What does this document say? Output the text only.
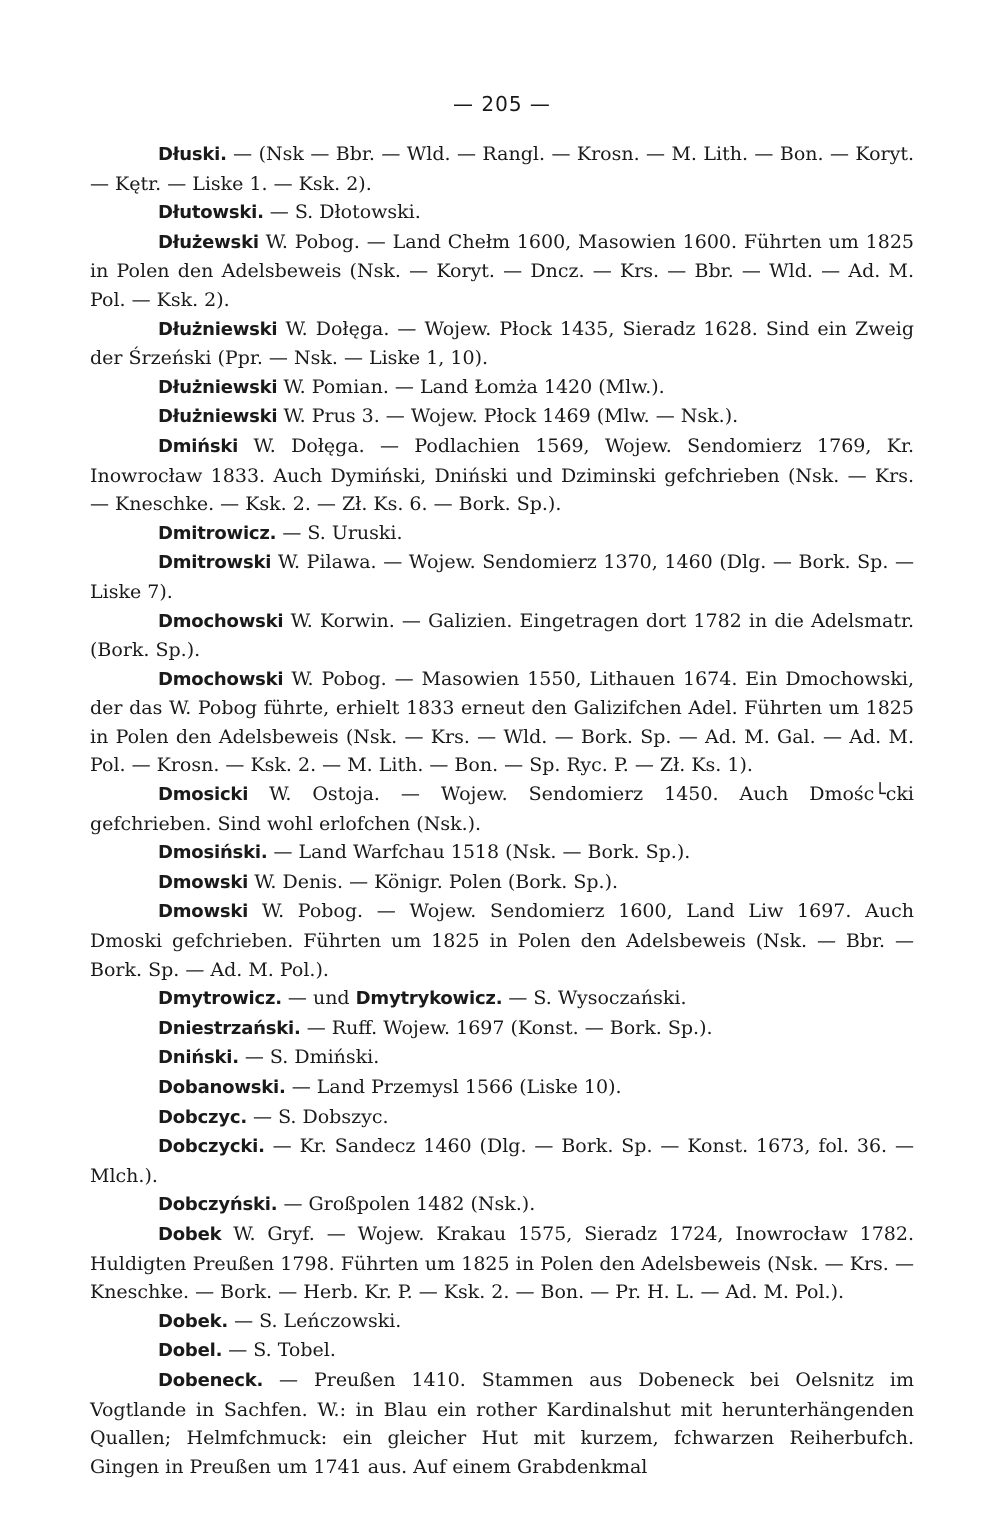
— 205 —

Dłuski. — (Nsk — Bbr. — Wld. — Rangl. — Krosn. — M. Lith. — Bon. — Koryt. — Kętr. — Liske 1. — Ksk. 2).

Dłutowski. — S. Dłotowski.

Dłużewski W. Pobog. — Land Chełm 1600, Masowien 1600. Führten um 1825 in Polen den Adelsbeweis (Nsk. — Koryt. — Dncz. — Krs. — Bbr. — Wld. — Ad. M. Pol. — Ksk. 2).

Dłużniewski W. Dołęga. — Wojew. Płock 1435, Sieradz 1628. Sind ein Zweig der Śrzeński (Ppr. — Nsk. — Liske 1, 10).

Dłużniewski W. Pomian. — Land Łomża 1420 (Mlw.).

Dłużniewski W. Prus 3. — Wojew. Płock 1469 (Mlw. — Nsk.).

Dmiński W. Dołęga. — Podlachien 1569, Wojew. Sendomierz 1769, Kr. Inowrocław 1833. Auch Dymiński, Dniński und Dziminski gefchrieben (Nsk. — Krs. — Kneschke. — Ksk. 2. — Zł. Ks. 6. — Bork. Sp.).

Dmitrowicz. — S. Uruski.

Dmitrowski W. Pilawa. — Wojew. Sendomierz 1370, 1460 (Dlg. — Bork. Sp. — Liske 7).

Dmochowski W. Korwin. — Galizien. Eingetragen dort 1782 in die Adelsmatr. (Bork. Sp.).

Dmochowski W. Pobog. — Masowien 1550, Lithauen 1674. Ein Dmochowski, der das W. Pobog führte, erhielt 1833 erneut den Galizifchen Adel. Führten um 1825 in Polen den Adelsbeweis (Nsk. — Krs. — Wld. — Bork. Sp. — Ad. M. Gal. — Ad. M. Pol. — Krosn. — Ksk. 2. — M. Lith. — Bon. — Sp. Ryc. P. — Zł. Ks. 1).

Dmosicki W. Ostoja. — Wojew. Sendomierz 1450. Auch Dmośc└cki gefchrieben. Sind wohl erlofchen (Nsk.).

Dmosiński. — Land Warfchau 1518 (Nsk. — Bork. Sp.).

Dmowski W. Denis. — Königr. Polen (Bork. Sp.).

Dmowski W. Pobog. — Wojew. Sendomierz 1600, Land Liw 1697. Auch Dmoski gefchrieben. Führten um 1825 in Polen den Adelsbeweis (Nsk. — Bbr. — Bork. Sp. — Ad. M. Pol.).

Dmytrowicz. — und Dmytrykowicz. — S. Wysoczański.

Dniestrzański. — Ruff. Wojew. 1697 (Konst. — Bork. Sp.).

Dniński. — S. Dmiński.

Dobanowski. — Land Przemysl 1566 (Liske 10).

Dobczyc. — S. Dobszyc.

Dobczycki. — Kr. Sandecz 1460 (Dlg. — Bork. Sp. — Konst. 1673, fol. 36. — Mlch.).

Dobczyński. — Großpolen 1482 (Nsk.).

Dobek W. Gryf. — Wojew. Krakau 1575, Sieradz 1724, Inowrocław 1782. Huldigten Preußen 1798. Führten um 1825 in Polen den Adelsbeweis (Nsk. — Krs. — Kneschke. — Bork. — Herb. Kr. P. — Ksk. 2. — Bon. — Pr. H. L. — Ad. M. Pol.).

Dobek. — S. Leńczowski.

Dobel. — S. Tobel.

Dobeneck. — Preußen 1410. Stammen aus Dobeneck bei Oelsnitz im Vogtlande in Sachfen. W.: in Blau ein rother Kardinalshut mit herunterhängenden Quallen; Helmfchmuck: ein gleicher Hut mit kurzem, fchwarzen Reiherbufch. Gingen in Preußen um 1741 aus. Auf einem Grabdenkmal
